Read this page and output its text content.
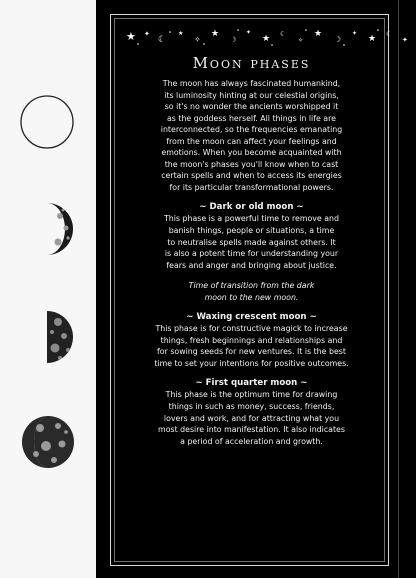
★ ✦
☾
★
✧
★
☽
✦
★ ☾
✧
★
☽
✦
★ ☾
✦
Moon phases

The moon has always fascinated humankind,
its luminosity hinting at our celestial origins,
so it's no wonder the ancients worshipped it
as the goddess herself. All things in life are
interconnected, so the frequencies emanating
from the moon can affect your feelings and
emotions. When you become acquainted with
the moon's phases you'll know when to cast
certain spells and when to access its energies
for its particular transformational powers.

~ Dark or old moon ~

This phase is a powerful time to remove and
banish things, people or situations, a time
to neutralise spells made against others. It
is also a potent time for understanding your
fears and anger and bringing about justice.

Time of transition from the dark
moon to the new moon.

~ Waxing crescent moon ~

This phase is for constructive magick to increase
things, fresh beginnings and relationships and
for sowing seeds for new ventures. It is the best
time to set your intentions for positive outcomes.

~ First quarter moon ~

This phase is the optimum time for drawing
things in such as money, success, friends,
lovers and work, and for attracting what you
most desire into manifestation. It also indicates
a period of acceleration and growth.
